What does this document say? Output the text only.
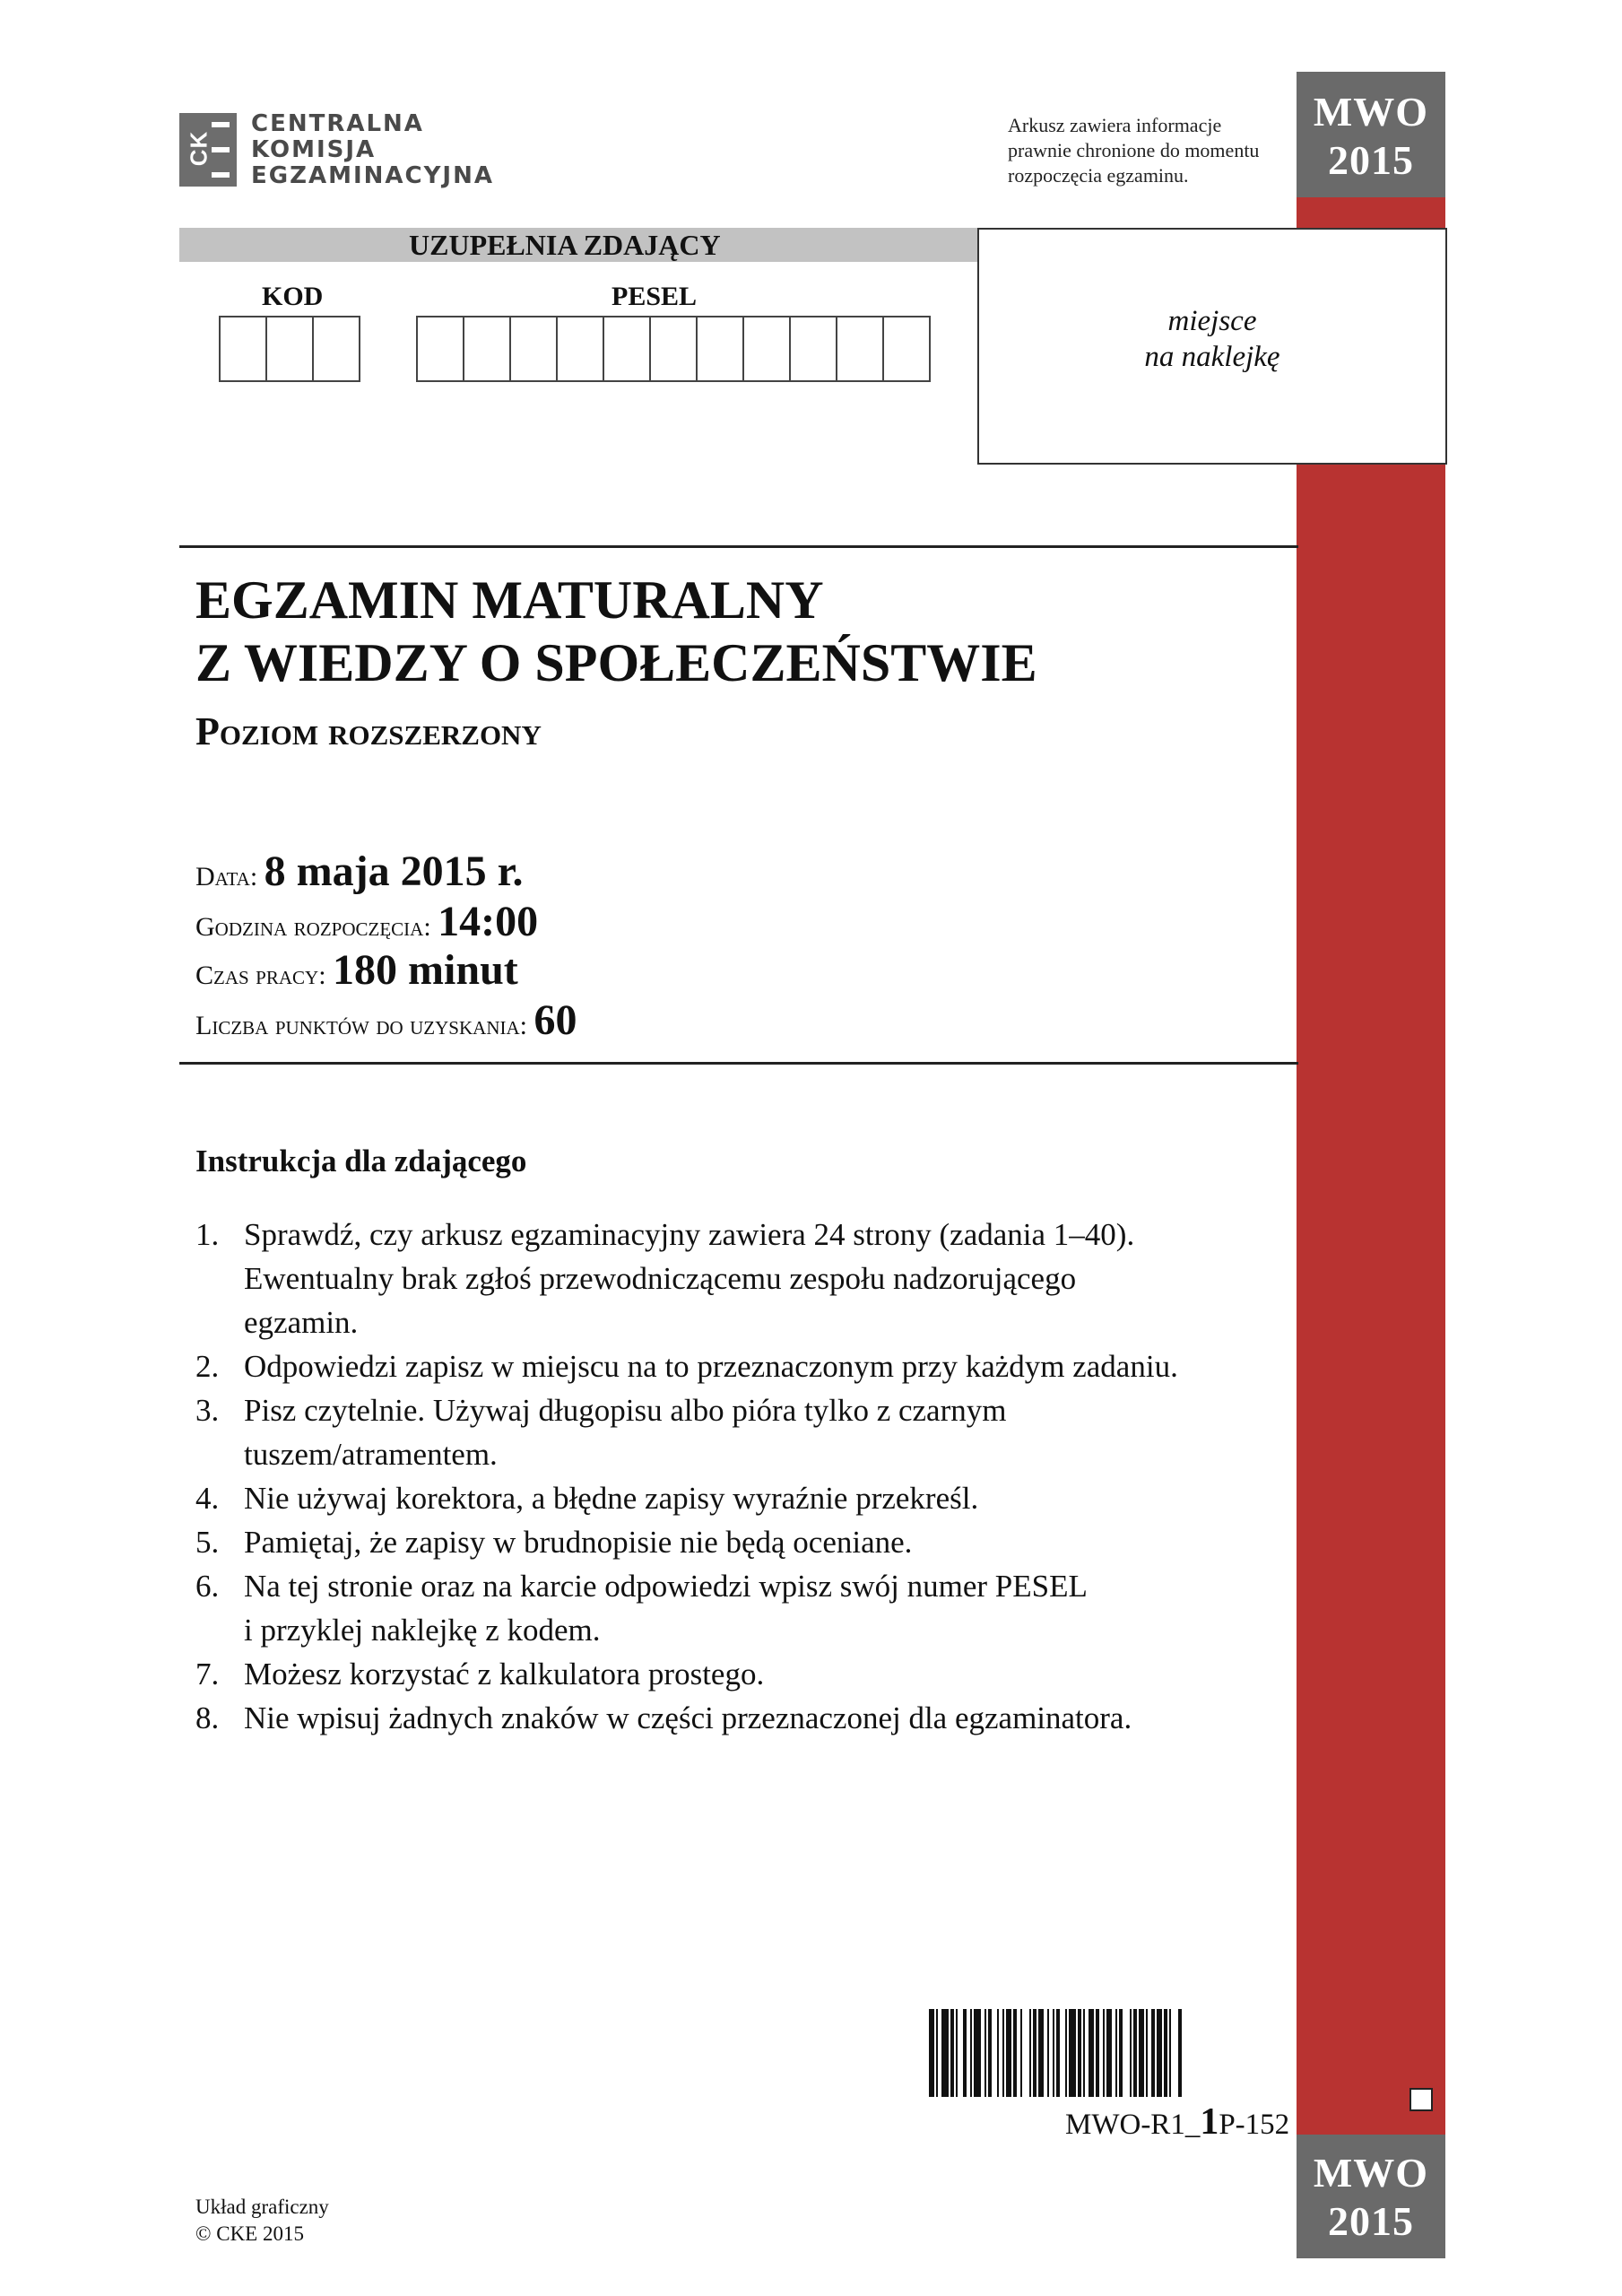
MWO
2015
MWO
2015
CK
CENTRALNA
KOMISJA
EGZAMINACYJNA
Arkusz zawiera informacje
prawnie chronione do momentu
rozpoczęcia egzaminu.
UZUPEŁNIA ZDAJĄCY
KOD	PESEL
miejsce
na naklejkę
EGZAMIN MATURALNY
Z WIEDZY O SPOŁECZEŃSTWIE
Poziom rozszerzony
Data: 8 maja 2015 r.
Godzina rozpoczęcia: 14:00
Czas pracy: 180 minut
Liczba punktów do uzyskania: 60
Instrukcja dla zdającego
1. Sprawdź, czy arkusz egzaminacyjny zawiera 24 strony (zadania 1–40).
Ewentualny brak zgłoś przewodniczącemu zespołu nadzorującego
egzamin.
2. Odpowiedzi zapisz w miejscu na to przeznaczonym przy każdym zadaniu.
3. Pisz czytelnie. Używaj długopisu albo pióra tylko z czarnym
tuszem/atramentem.
4. Nie używaj korektora, a błędne zapisy wyraźnie przekreśl.
5. Pamiętaj, że zapisy w brudnopisie nie będą oceniane.
6. Na tej stronie oraz na karcie odpowiedzi wpisz swój numer PESEL
i przyklej naklejkę z kodem.
7. Możesz korzystać z kalkulatora prostego.
8. Nie wpisuj żadnych znaków w części przeznaczonej dla egzaminatora.
MWO-R1_1P-152
Układ graficzny
© CKE 2015
